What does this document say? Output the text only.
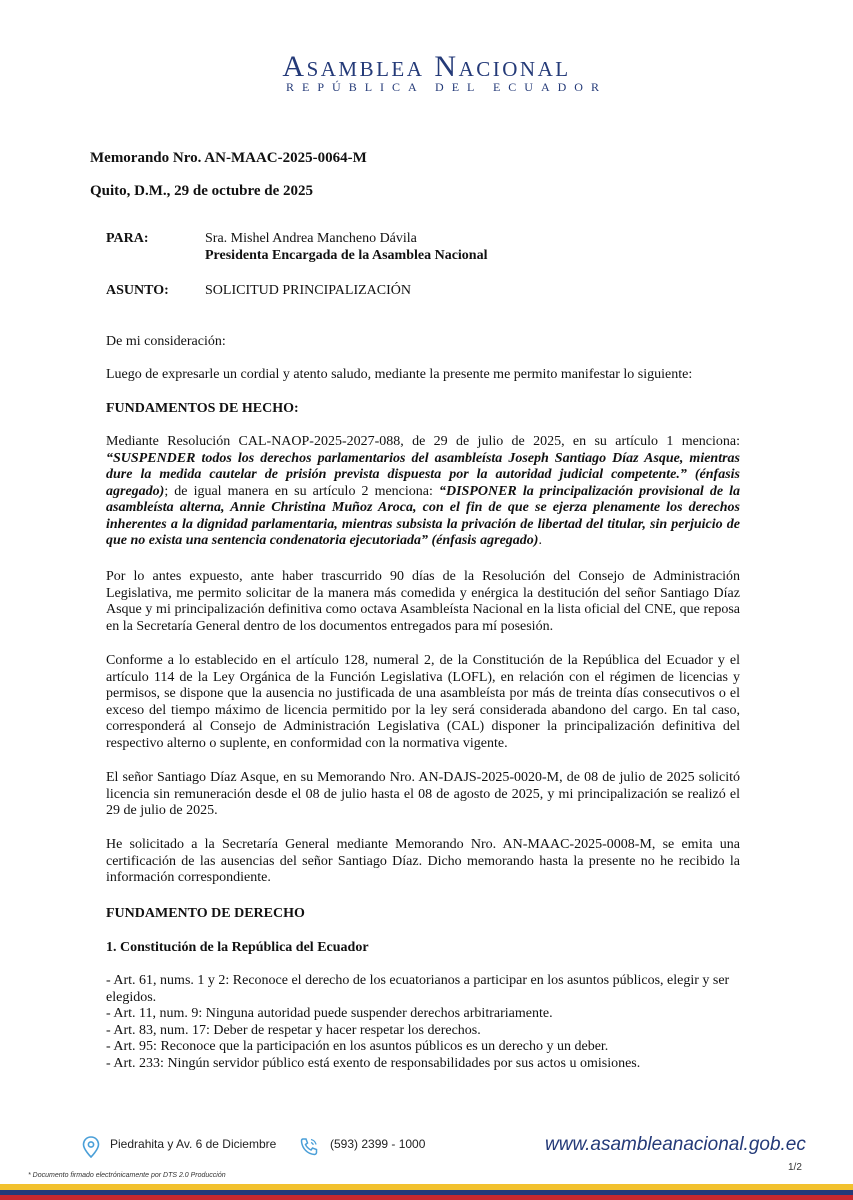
Asamblea Nacional
REPÚBLICA DEL ECUADOR
Memorando Nro. AN-MAAC-2025-0064-M
Quito, D.M., 29 de octubre de 2025
PARA:	Sra. Mishel Andrea Mancheno Dávila
Presidenta Encargada de la Asamblea Nacional
ASUNTO:	SOLICITUD PRINCIPALIZACIÓN
De mi consideración:
Luego de expresarle un cordial y atento saludo, mediante la presente me permito manifestar lo siguiente:
FUNDAMENTOS DE HECHO:
Mediante Resolución CAL-NAOP-2025-2027-088, de 29 de julio de 2025, en su artículo 1 menciona: “SUSPENDER todos los derechos parlamentarios del asambleísta Joseph Santiago Díaz Asque, mientras dure la medida cautelar de prisión prevista dispuesta por la autoridad judicial competente.” (énfasis agregado); de igual manera en su artículo 2 menciona: “DISPONER la principalización provisional de la asambleísta alterna, Annie Christina Muñoz Aroca, con el fin de que se ejerza plenamente los derechos inherentes a la dignidad parlamentaria, mientras subsista la privación de libertad del titular, sin perjuicio de que no exista una sentencia condenatoria ejecutoriada” (énfasis agregado).
Por lo antes expuesto, ante haber trascurrido 90 días de la Resolución del Consejo de Administración Legislativa, me permito solicitar de la manera más comedida y enérgica la destitución del señor Santiago Díaz Asque y mi principalización definitiva como octava Asambleísta Nacional en la lista oficial del CNE, que reposa en la Secretaría General dentro de los documentos entregados para mí posesión.
Conforme a lo establecido en el artículo 128, numeral 2, de la Constitución de la República del Ecuador y el artículo 114 de la Ley Orgánica de la Función Legislativa (LOFL), en relación con el régimen de licencias y permisos, se dispone que la ausencia no justificada de una asambleísta por más de treinta días consecutivos o el exceso del tiempo máximo de licencia permitido por la ley será considerada abandono del cargo. En tal caso, corresponderá al Consejo de Administración Legislativa (CAL) disponer la principalización definitiva del respectivo alterno o suplente, en conformidad con la normativa vigente.
El señor Santiago Díaz Asque, en su Memorando Nro. AN-DAJS-2025-0020-M, de 08 de julio de 2025 solicitó licencia sin remuneración desde el 08 de julio hasta el 08 de agosto de 2025, y mi principalización se realizó el 29 de julio de 2025.
He solicitado a la Secretaría General mediante Memorando Nro. AN-MAAC-2025-0008-M, se emita una certificación de las ausencias del señor Santiago Díaz. Dicho memorando hasta la presente no he recibido la información correspondiente.
FUNDAMENTO DE DERECHO
1. Constitución de la República del Ecuador
- Art. 61, nums. 1 y 2: Reconoce el derecho de los ecuatorianos a participar en los asuntos públicos, elegir y ser elegidos.
- Art. 11, num. 9: Ninguna autoridad puede suspender derechos arbitrariamente.
- Art. 83, num. 17: Deber de respetar y hacer respetar los derechos.
- Art. 95: Reconoce que la participación en los asuntos públicos es un derecho y un deber.
- Art. 233: Ningún servidor público está exento de responsabilidades por sus actos u omisiones.
Piedrahita y Av. 6 de Diciembre	(593) 2399 - 1000	www.asambleanacional.gob.ec
* Documento firmado electrónicamente por DTS 2.0 Producción
1/2
